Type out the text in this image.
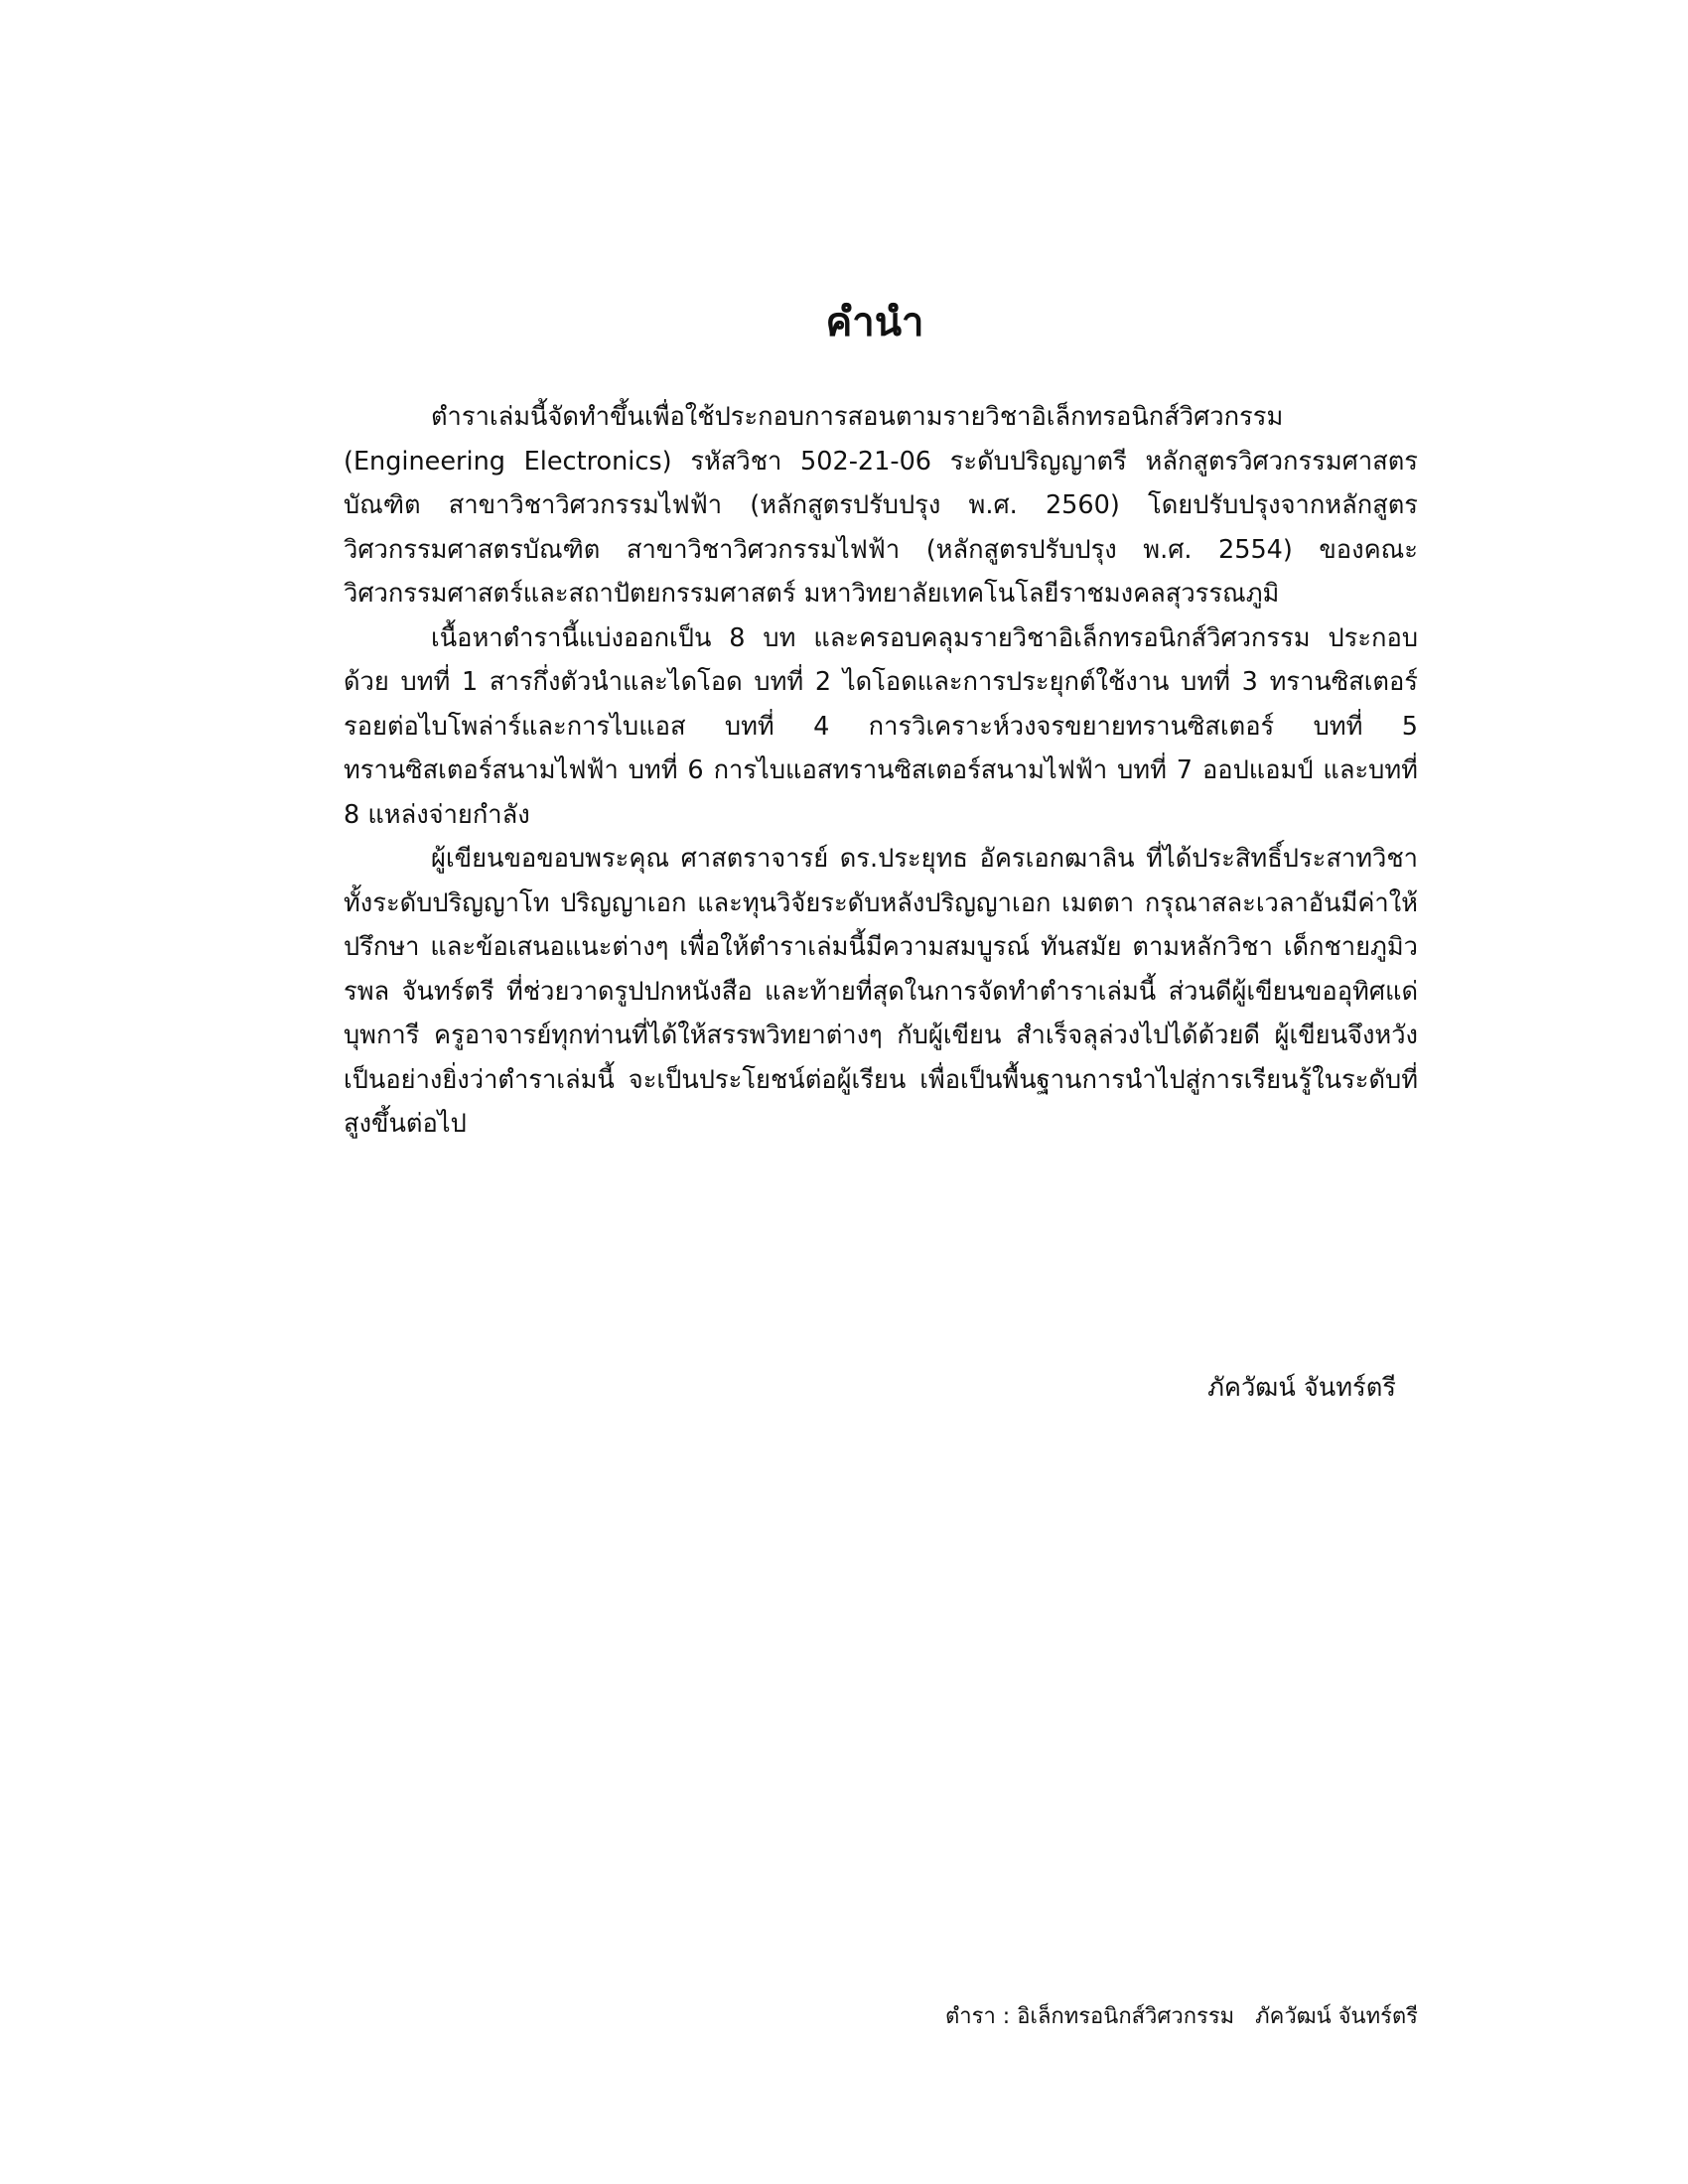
คำนำ

ตำราเล่มนี้จัดทำขึ้นเพื่อใช้ประกอบการสอนตามรายวิชาอิเล็กทรอนิกส์วิศวกรรม (Engineering Electronics) รหัสวิชา 502-21-06 ระดับปริญญาตรี หลักสูตรวิศวกรรมศาสตรบัณฑิต สาขาวิชาวิศวกรรมไฟฟ้า (หลักสูตรปรับปรุง พ.ศ. 2560) โดยปรับปรุงจากหลักสูตรวิศวกรรมศาสตรบัณฑิต สาขาวิชาวิศวกรรมไฟฟ้า (หลักสูตรปรับปรุง พ.ศ. 2554) ของคณะวิศวกรรมศาสตร์และสถาปัตยกรรมศาสตร์ มหาวิทยาลัยเทคโนโลยีราชมงคลสุวรรณภูมิ

เนื้อหาตำรานี้แบ่งออกเป็น 8 บท และครอบคลุมรายวิชาอิเล็กทรอนิกส์วิศวกรรม ประกอบด้วย บทที่ 1 สารกึ่งตัวนำและไดโอด บทที่ 2 ไดโอดและการประยุกต์ใช้งาน บทที่ 3 ทรานซิสเตอร์รอยต่อไบโพล่าร์และการไบแอส บทที่ 4 การวิเคราะห์วงจรขยายทรานซิสเตอร์ บทที่ 5 ทรานซิสเตอร์สนามไฟฟ้า บทที่ 6 การไบแอสทรานซิสเตอร์สนามไฟฟ้า บทที่ 7 ออปแอมป์ และบทที่ 8 แหล่งจ่ายกำลัง

ผู้เขียนขอขอบพระคุณ ศาสตราจารย์ ดร.ประยุทธ อัครเอกฒาลิน ที่ได้ประสิทธิ์ประสาทวิชาทั้งระดับปริญญาโท ปริญญาเอก และทุนวิจัยระดับหลังปริญญาเอก เมตตา กรุณาสละเวลาอันมีค่าให้ปรึกษา และข้อเสนอแนะต่างๆ เพื่อให้ตำราเล่มนี้มีความสมบูรณ์ ทันสมัย ตามหลักวิชา เด็กชายภูมิวรพล จันทร์ตรี ที่ช่วยวาดรูปปกหนังสือ และท้ายที่สุดในการจัดทำตำราเล่มนี้ ส่วนดีผู้เขียนขออุทิศแด่บุพการี ครูอาจารย์ทุกท่านที่ได้ให้สรรพวิทยาต่างๆ กับผู้เขียน สำเร็จลุล่วงไปได้ด้วยดี ผู้เขียนจึงหวังเป็นอย่างยิ่งว่าตำราเล่มนี้ จะเป็นประโยชน์ต่อผู้เรียน เพื่อเป็นพื้นฐานการนำไปสู่การเรียนรู้ในระดับที่สูงขึ้นต่อไป

ภัควัฒน์ จันทร์ตรี

ตำรา : อิเล็กทรอนิกส์วิศวกรรม   ภัควัฒน์ จันทร์ตรี
